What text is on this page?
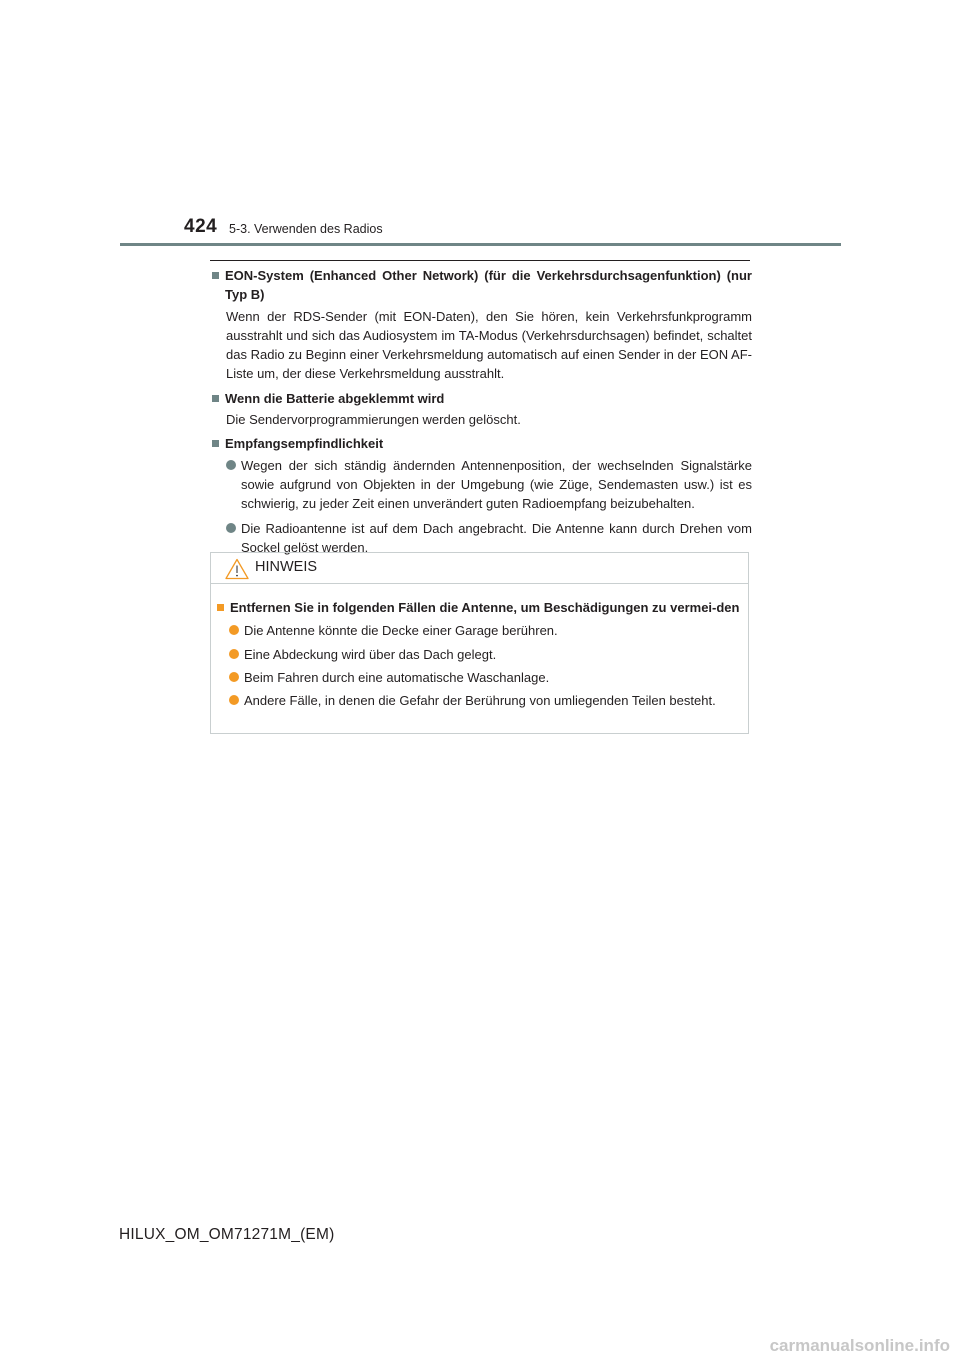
424 5-3. Verwenden des Radios
EON-System (Enhanced Other Network) (für die Verkehrsdurchsagenfunktion) (nur Typ B)
Wenn der RDS-Sender (mit EON-Daten), den Sie hören, kein Verkehrsfunkprogramm ausstrahlt und sich das Audiosystem im TA-Modus (Verkehrsdurchsagen) befindet, schaltet das Radio zu Beginn einer Verkehrsmeldung automatisch auf einen Sender in der EON AF-Liste um, der diese Verkehrsmeldung ausstrahlt.
Wenn die Batterie abgeklemmt wird
Die Sendervorprogrammierungen werden gelöscht.
Empfangsempfindlichkeit
Wegen der sich ständig ändernden Antennenposition, der wechselnden Signalstärke sowie aufgrund von Objekten in der Umgebung (wie Züge, Sendemasten usw.) ist es schwierig, zu jeder Zeit einen unverändert guten Radioempfang beizubehalten.
Die Radioantenne ist auf dem Dach angebracht. Die Antenne kann durch Drehen vom Sockel gelöst werden.
HINWEIS
Entfernen Sie in folgenden Fällen die Antenne, um Beschädigungen zu vermei-den
Die Antenne könnte die Decke einer Garage berühren.
Eine Abdeckung wird über das Dach gelegt.
Beim Fahren durch eine automatische Waschanlage.
Andere Fälle, in denen die Gefahr der Berührung von umliegenden Teilen besteht.
HILUX_OM_OM71271M_(EM)
carmanualsonline.info
